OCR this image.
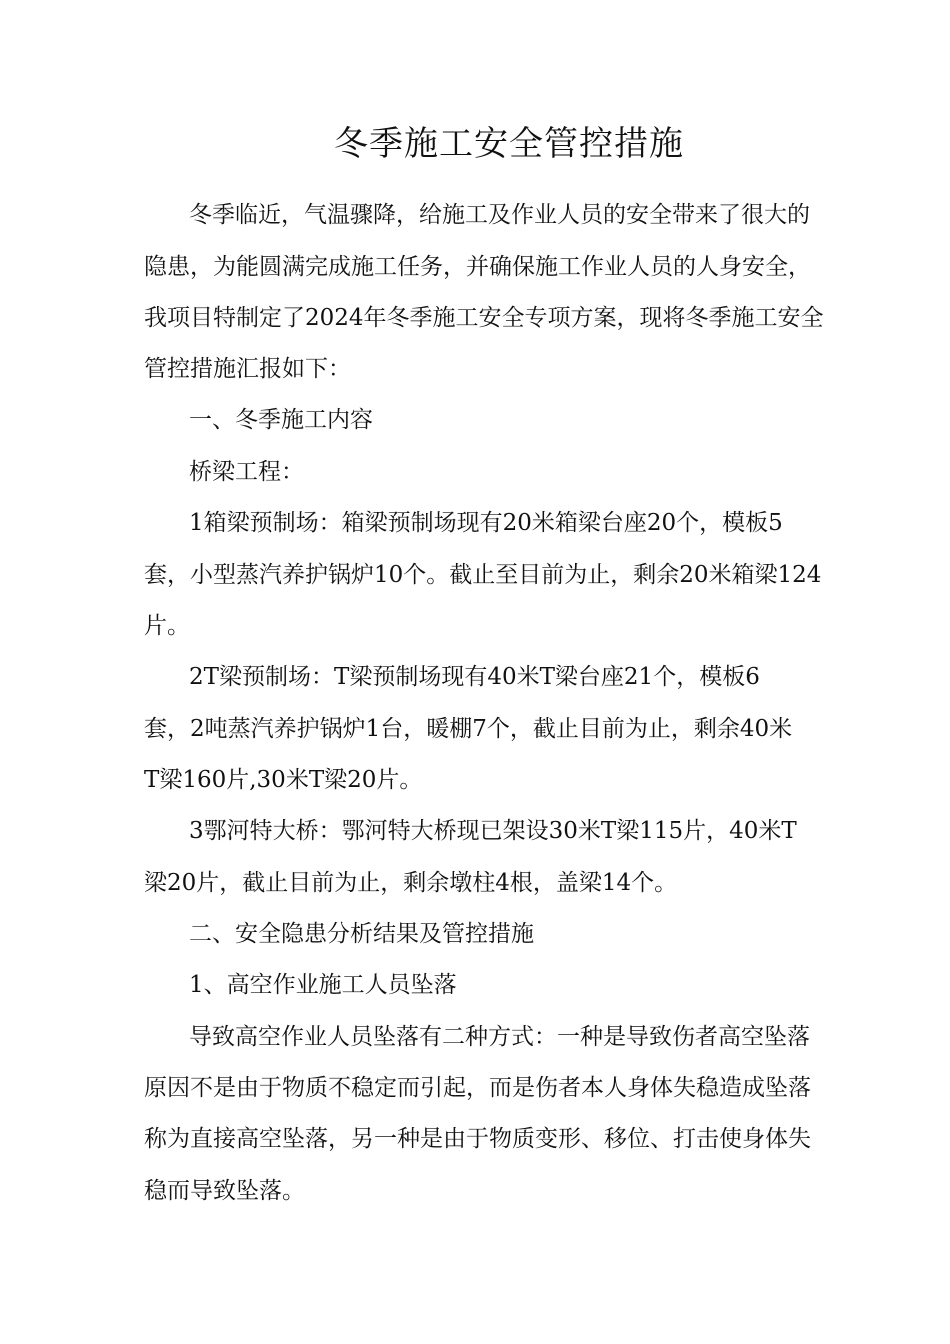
冬季施工安全管控措施
冬季临近，气温骤降，给施工及作业人员的安全带来了很大的
隐患，为能圆满完成施工任务，并确保施工作业人员的人身安全，
我项目特制定了2024年冬季施工安全专项方案，现将冬季施工安全
管控措施汇报如下：
一、冬季施工内容
桥梁工程：
1箱梁预制场：箱梁预制场现有20米箱梁台座20个，模板5
套，小型蒸汽养护锅炉10个。截止至目前为止，剩余20米箱梁124
片。
2T梁预制场：T梁预制场现有40米T梁台座21个，模板6
套，2吨蒸汽养护锅炉1台，暖棚7个，截止目前为止，剩余40米
T梁160片,30米T梁20片。
3鄂河特大桥：鄂河特大桥现已架设30米T梁115片，40米T
梁20片，截止目前为止，剩余墩柱4根，盖梁14个。
二、安全隐患分析结果及管控措施
1、高空作业施工人员坠落
导致高空作业人员坠落有二种方式：一种是导致伤者高空坠落
原因不是由于物质不稳定而引起，而是伤者本人身体失稳造成坠落
称为直接高空坠落，另一种是由于物质变形、移位、打击使身体失
稳而导致坠落。
